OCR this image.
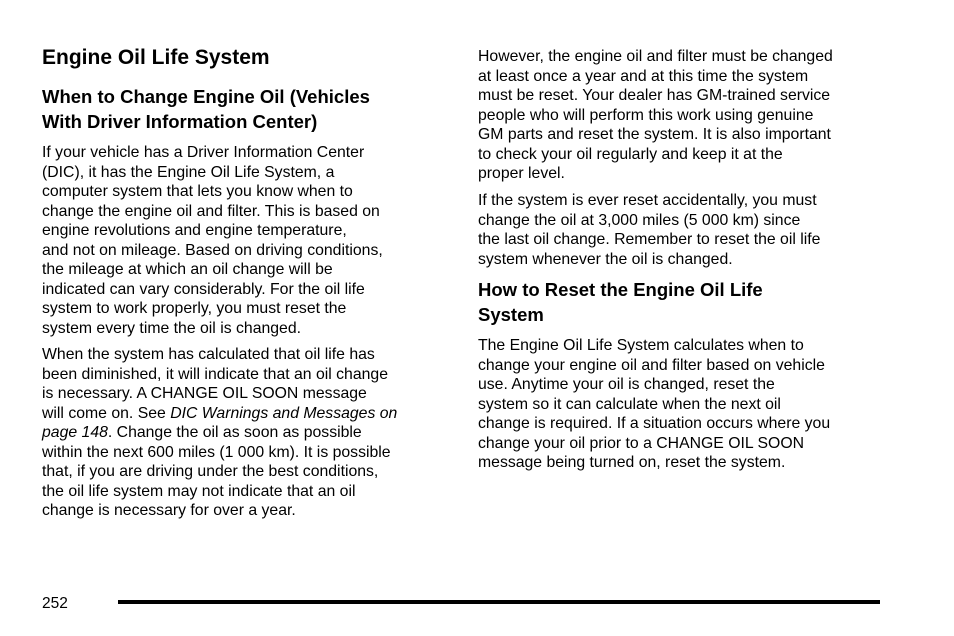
Engine Oil Life System
When to Change Engine Oil (Vehicles
With Driver Information Center)

If your vehicle has a Driver Information Center
(DIC), it has the Engine Oil Life System, a
computer system that lets you know when to
change the engine oil and filter. This is based on
engine revolutions and engine temperature,
and not on mileage. Based on driving conditions,
the mileage at which an oil change will be
indicated can vary considerably. For the oil life
system to work properly, you must reset the
system every time the oil is changed.

When the system has calculated that oil life has
been diminished, it will indicate that an oil change
is necessary. A CHANGE OIL SOON message
will come on. See DIC Warnings and Messages on
page 148. Change the oil as soon as possible
within the next 600 miles (1 000 km). It is possible
that, if you are driving under the best conditions,
the oil life system may not indicate that an oil
change is necessary for over a year.

However, the engine oil and filter must be changed
at least once a year and at this time the system
must be reset. Your dealer has GM-trained service
people who will perform this work using genuine
GM parts and reset the system. It is also important
to check your oil regularly and keep it at the
proper level.

If the system is ever reset accidentally, you must
change the oil at 3,000 miles (5 000 km) since
the last oil change. Remember to reset the oil life
system whenever the oil is changed.

How to Reset the Engine Oil Life
System

The Engine Oil Life System calculates when to
change your engine oil and filter based on vehicle
use. Anytime your oil is changed, reset the
system so it can calculate when the next oil
change is required. If a situation occurs where you
change your oil prior to a CHANGE OIL SOON
message being turned on, reset the system.

252
